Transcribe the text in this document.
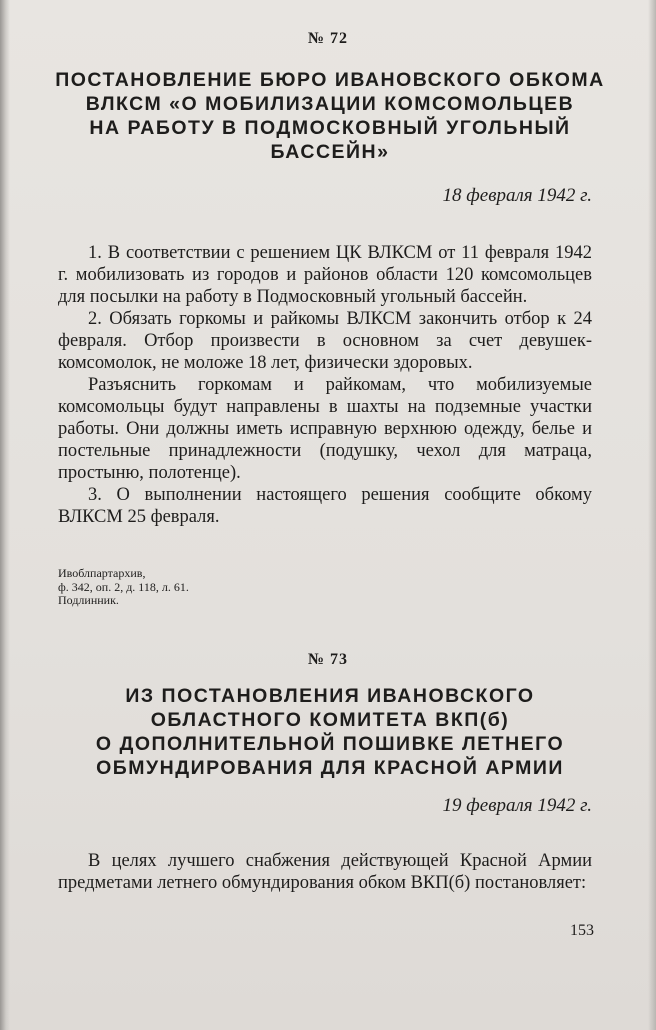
№ 72
ПОСТАНОВЛЕНИЕ БЮРО ИВАНОВСКОГО ОБКОМА
ВЛКСМ «О МОБИЛИЗАЦИИ КОМСОМОЛЬЦЕВ
НА РАБОТУ В ПОДМОСКОВНЫЙ УГОЛЬНЫЙ
БАССЕЙН»
18 февраля 1942 г.

1. В соответствии с решением ЦК ВЛКСМ от 11 февраля 1942 г. мобилизовать из городов и районов области 120 комсомольцев для посылки на работу в Подмосковный угольный бассейн.

2. Обязать горкомы и райкомы ВЛКСМ закончить отбор к 24 февраля. Отбор произвести в основном за счет девушек-комсомолок, не моложе 18 лет, физически здоровых.

Разъяснить горкомам и райкомам, что мобилизуемые комсомольцы будут направлены в шахты на подземные участки работы. Они должны иметь исправную верхнюю одежду, белье и постельные принадлежности (подушку, чехол для матраца, простыню, полотенце).

3. О выполнении настоящего решения сообщите обкому ВЛКСМ 25 февраля.

Ивоблпартархив,
ф. 342, оп. 2, д. 118, л. 61.
Подлинник.
№ 73
ИЗ ПОСТАНОВЛЕНИЯ ИВАНОВСКОГО
ОБЛАСТНОГО КОМИТЕТА ВКП(б)
О ДОПОЛНИТЕЛЬНОЙ ПОШИВКЕ ЛЕТНЕГО
ОБМУНДИРОВАНИЯ ДЛЯ КРАСНОЙ АРМИИ
19 февраля 1942 г.

В целях лучшего снабжения действующей Красной Армии предметами летнего обмундирования обком ВКП(б) постановляет:

153
